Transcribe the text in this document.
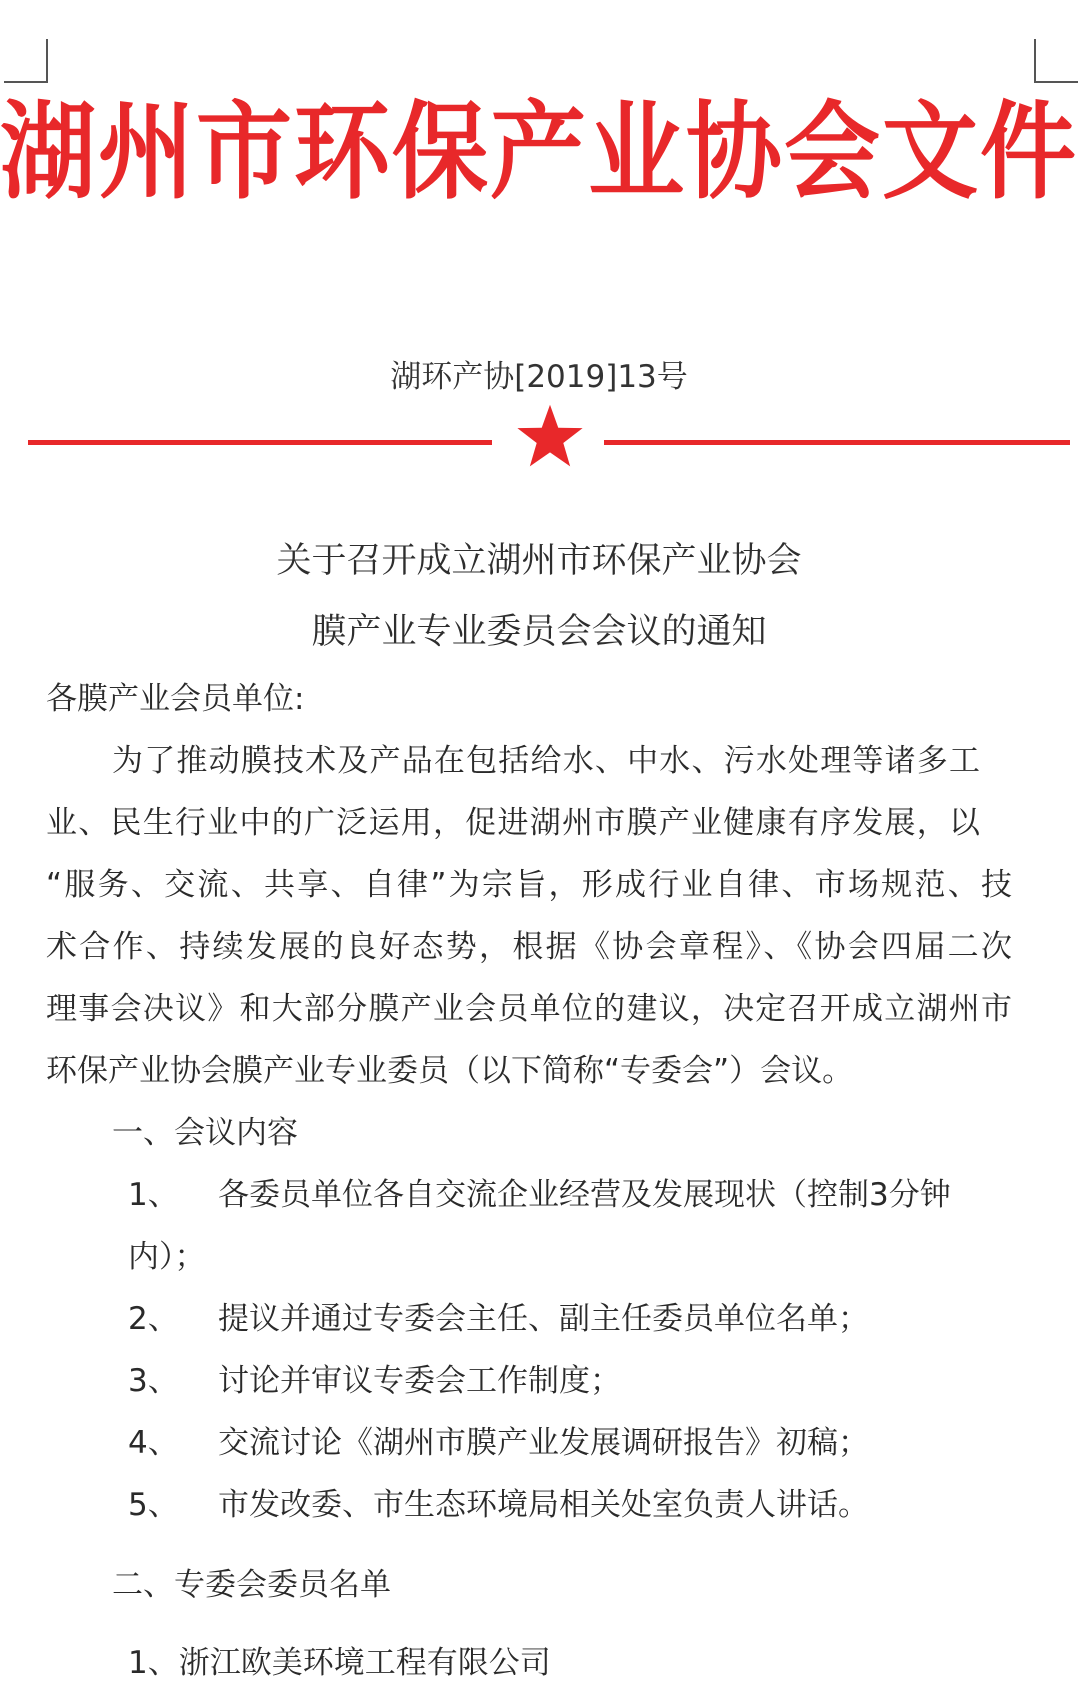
湖州市环保产业协会文件
湖环产协[2019]13号
关于召开成立湖州市环保产业协会
膜产业专业委员会会议的通知
各膜产业会员单位:
为了推动膜技术及产品在包括给水、中水、污水处理等诸多工
业、民生行业中的广泛运用，促进湖州市膜产业健康有序发展，以
“服务、交流、共享、自律”为宗旨，形成行业自律、市场规范、技
术合作、持续发展的良好态势，根据《协会章程》、《协会四届二次
理事会决议》和大部分膜产业会员单位的建议，决定召开成立湖州市
环保产业协会膜产业专业委员（以下简称“专委会”）会议。
一、会议内容
1、 各委员单位各自交流企业经营及发展现状（控制3分钟
内）；
2、 提议并通过专委会主任、副主任委员单位名单；
3、 讨论并审议专委会工作制度；
4、 交流讨论《湖州市膜产业发展调研报告》初稿；
5、 市发改委、市生态环境局相关处室负责人讲话。
二、专委会委员名单
1、浙江欧美环境工程有限公司
